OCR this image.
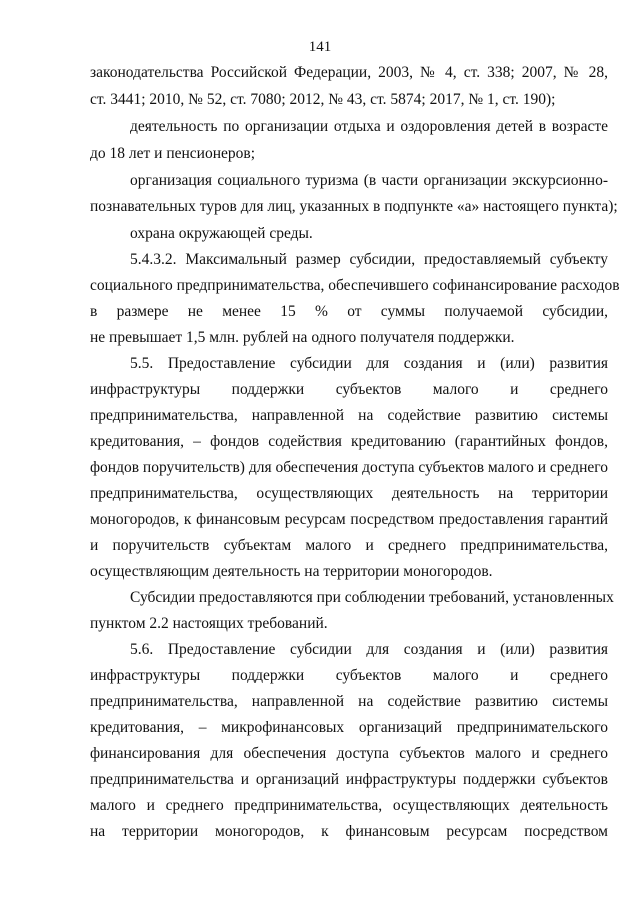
141
законодательства Российской Федерации, 2003, № 4, ст. 338; 2007, № 28,
ст. 3441; 2010, № 52, ст. 7080; 2012, № 43, ст. 5874; 2017, № 1, ст. 190);
деятельность по организации отдыха и оздоровления детей в возрасте
до 18 лет и пенсионеров;
организация социального туризма (в части организации экскурсионно-
познавательных туров для лиц, указанных в подпункте «а» настоящего пункта);
охрана окружающей среды.
5.4.3.2. Максимальный размер субсидии, предоставляемый субъекту
социального предпринимательства, обеспечившего софинансирование расходов
в размере не менее 15 % от суммы получаемой субсидии,
не превышает 1,5 млн. рублей на одного получателя поддержки.
5.5. Предоставление субсидии для создания и (или) развития
инфраструктуры поддержки субъектов малого и среднего
предпринимательства, направленной на содействие развитию системы
кредитования, – фондов содействия кредитованию (гарантийных фондов,
фондов поручительств) для обеспечения доступа субъектов малого и среднего
предпринимательства, осуществляющих деятельность на территории
моногородов, к финансовым ресурсам посредством предоставления гарантий
и поручительств субъектам малого и среднего предпринимательства,
осуществляющим деятельность на территории моногородов.
Субсидии предоставляются при соблюдении требований, установленных
пунктом 2.2 настоящих требований.
5.6. Предоставление субсидии для создания и (или) развития
инфраструктуры поддержки субъектов малого и среднего
предпринимательства, направленной на содействие развитию системы
кредитования, – микрофинансовых организаций предпринимательского
финансирования для обеспечения доступа субъектов малого и среднего
предпринимательства и организаций инфраструктуры поддержки субъектов
малого и среднего предпринимательства, осуществляющих деятельность
на территории моногородов, к финансовым ресурсам посредством
